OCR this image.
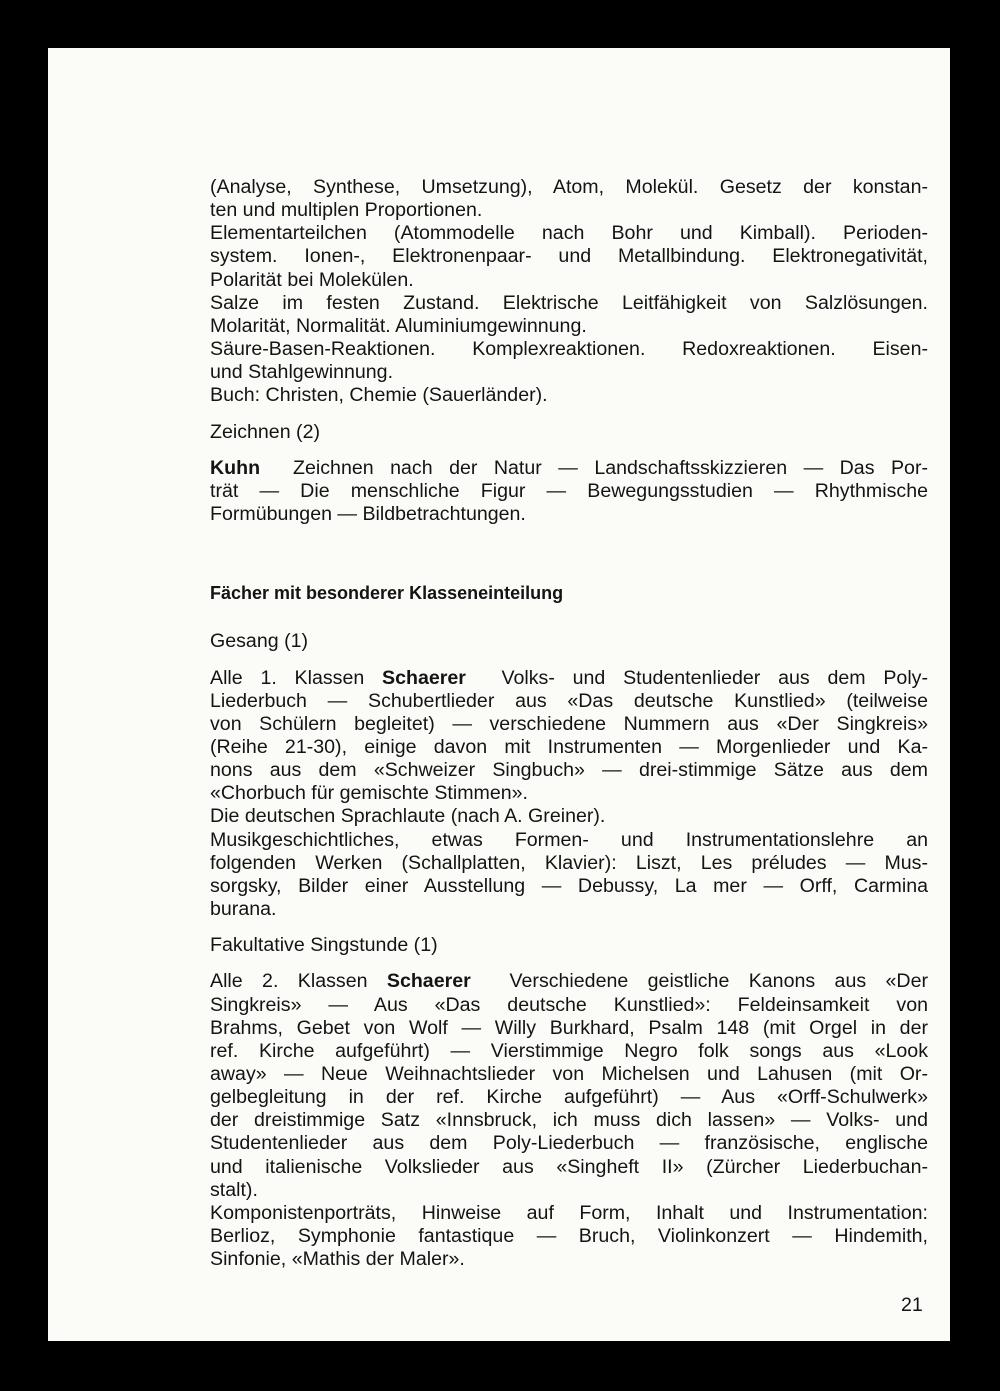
(Analyse, Synthese, Umsetzung), Atom, Molekül. Gesetz der konstan-
ten und multiplen Proportionen.
Elementarteilchen (Atommodelle nach Bohr und Kimball). Perioden-
system. Ionen-, Elektronenpaar- und Metallbindung. Elektronegativität,
Polarität bei Molekülen.
Salze im festen Zustand. Elektrische Leitfähigkeit von Salzlösungen.
Molarität, Normalität. Aluminiumgewinnung.
Säure-Basen-Reaktionen. Komplexreaktionen. Redoxreaktionen. Eisen-
und Stahlgewinnung.
Buch: Christen, Chemie (Sauerländer).

Zeichnen (2)

Kuhn Zeichnen nach der Natur — Landschaftsskizzieren — Das Por-
trät — Die menschliche Figur — Bewegungsstudien — Rhythmische
Formübungen — Bildbetrachtungen.

Fächer mit besonderer Klasseneinteilung

Gesang (1)

Alle 1. Klassen Schaerer Volks- und Studentenlieder aus dem Poly-
Liederbuch — Schubertlieder aus «Das deutsche Kunstlied» (teilweise
von Schülern begleitet) — verschiedene Nummern aus «Der Singkreis»
(Reihe 21-30), einige davon mit Instrumenten — Morgenlieder und Ka-
nons aus dem «Schweizer Singbuch» — drei-stimmige Sätze aus dem
«Chorbuch für gemischte Stimmen».
Die deutschen Sprachlaute (nach A. Greiner).
Musikgeschichtliches, etwas Formen- und Instrumentationslehre an
folgenden Werken (Schallplatten, Klavier): Liszt, Les préludes — Mus-
sorgsky, Bilder einer Ausstellung — Debussy, La mer — Orff, Carmina
burana.

Fakultative Singstunde (1)

Alle 2. Klassen Schaerer Verschiedene geistliche Kanons aus «Der
Singkreis» — Aus «Das deutsche Kunstlied»: Feldeinsamkeit von
Brahms, Gebet von Wolf — Willy Burkhard, Psalm 148 (mit Orgel in der
ref. Kirche aufgeführt) — Vierstimmige Negro folk songs aus «Look
away» — Neue Weihnachtslieder von Michelsen und Lahusen (mit Or-
gelbegleitung in der ref. Kirche aufgeführt) — Aus «Orff-Schulwerk»
der dreistimmige Satz «Innsbruck, ich muss dich lassen» — Volks- und
Studentenlieder aus dem Poly-Liederbuch — französische, englische
und italienische Volkslieder aus «Singheft II» (Zürcher Liederbuchan-
stalt).
Komponistenporträts, Hinweise auf Form, Inhalt und Instrumentation:
Berlioz, Symphonie fantastique — Bruch, Violinkonzert — Hindemith,
Sinfonie, «Mathis der Maler».
21
